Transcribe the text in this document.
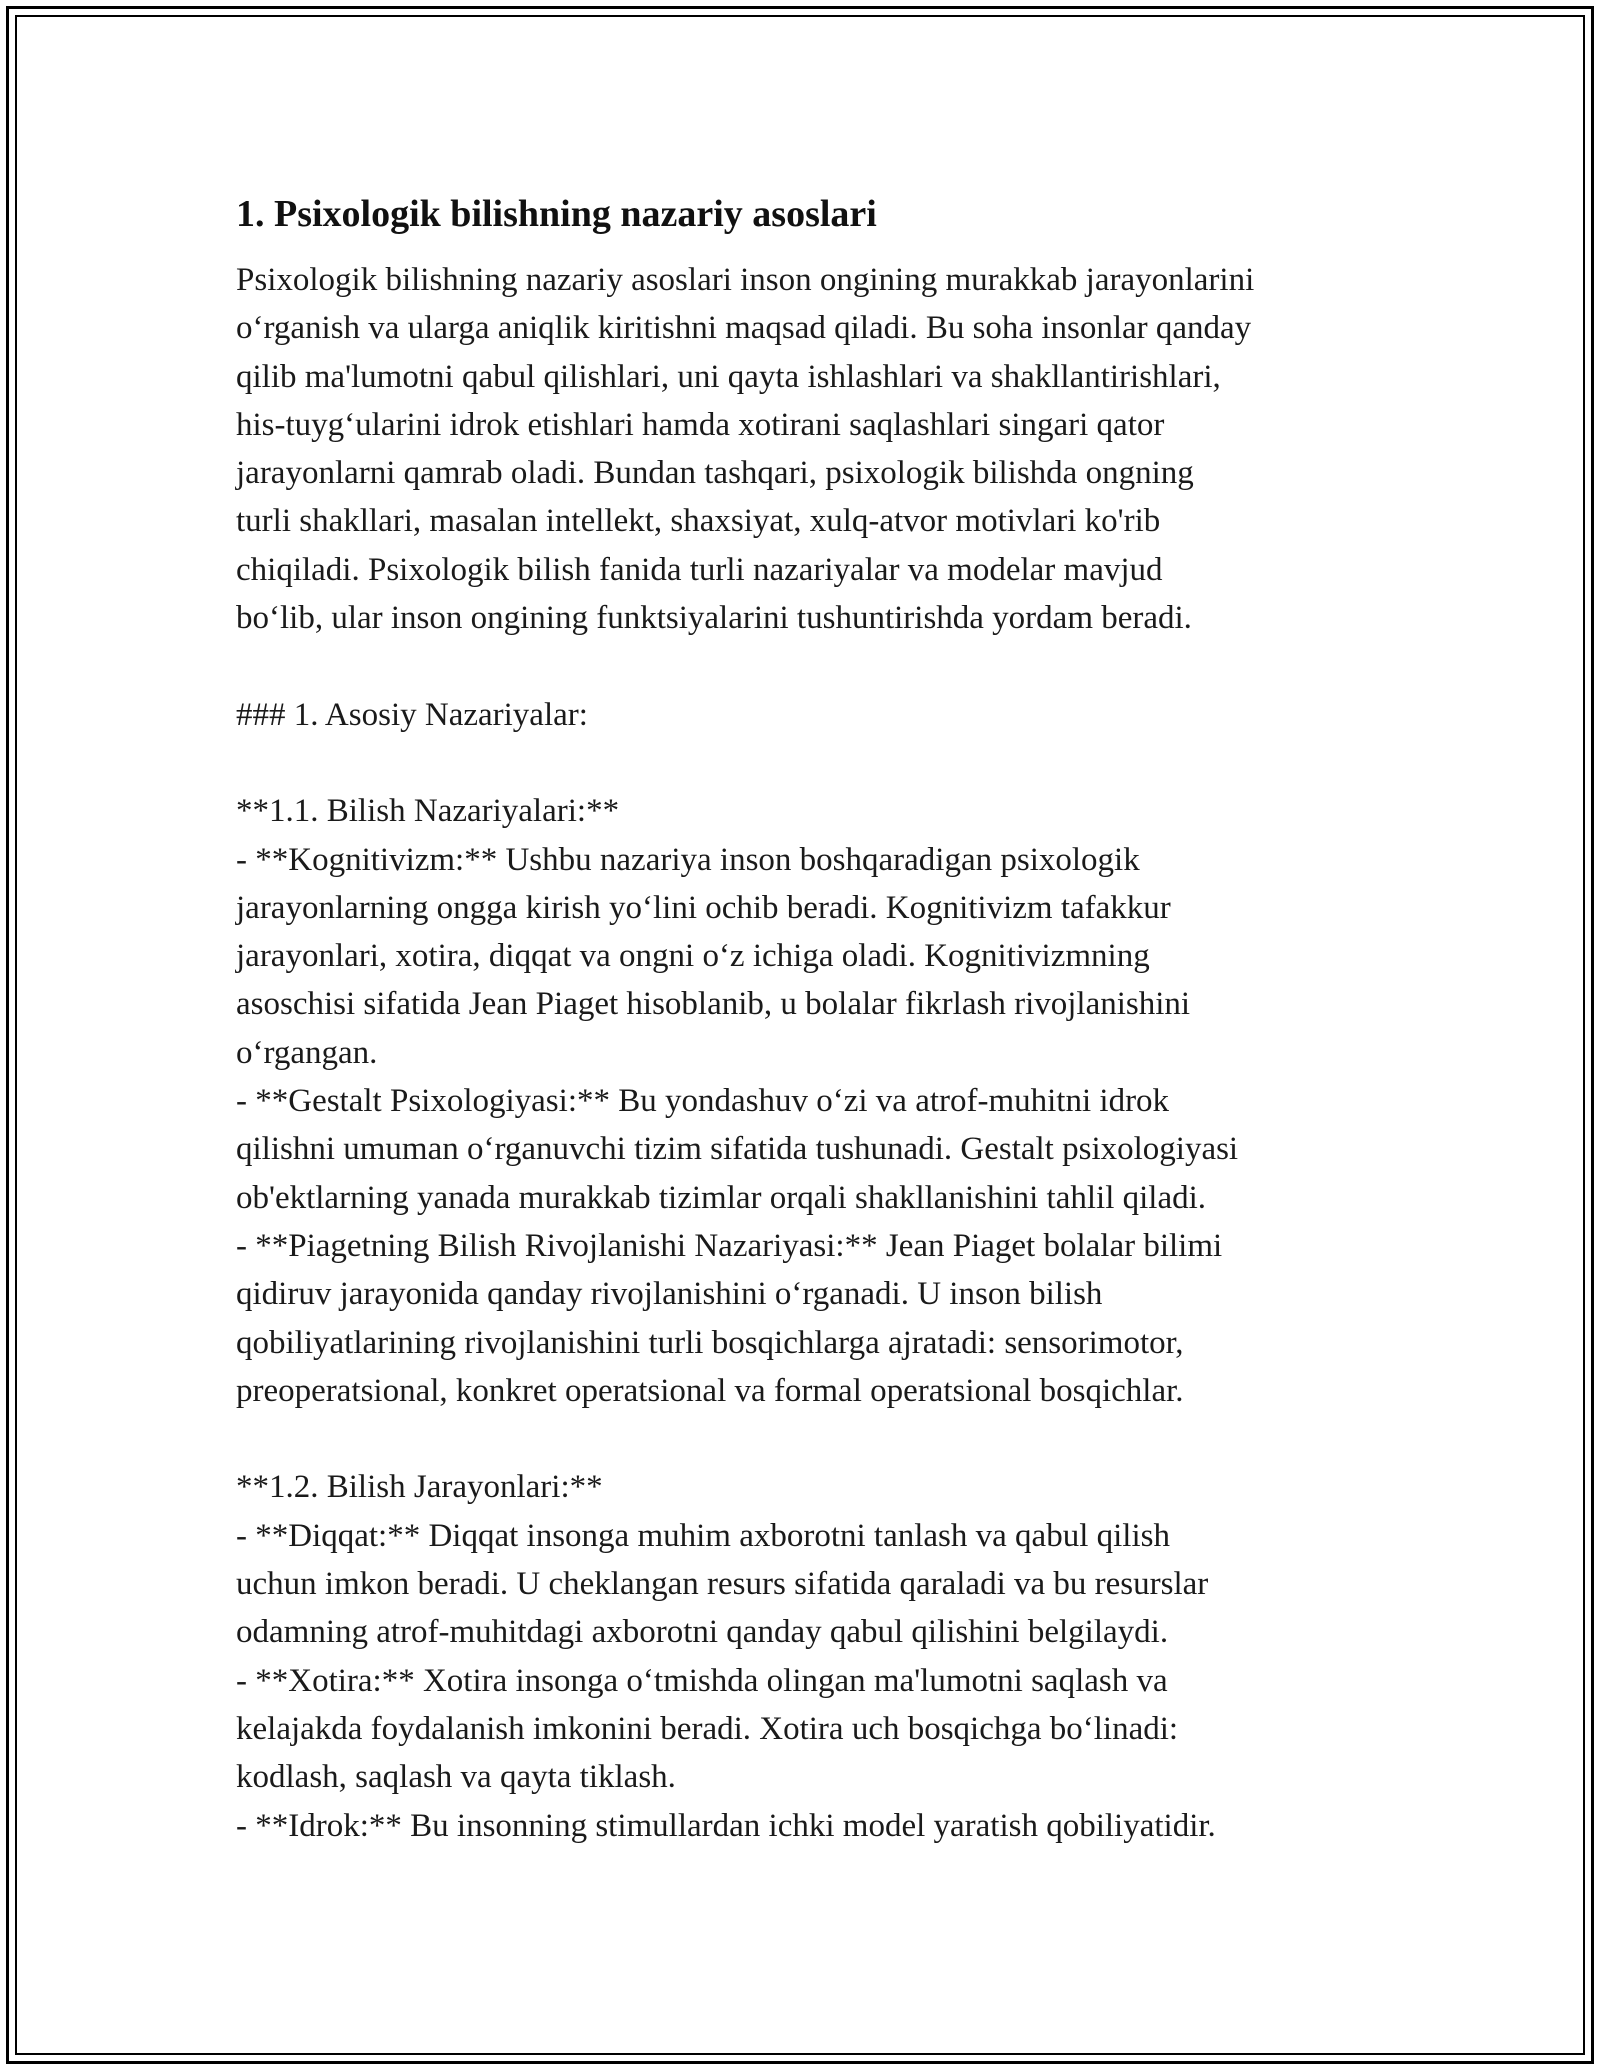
1. Psixologik bilishning nazariy asoslari
Psixologik bilishning nazariy asoslari inson ongining murakkab jarayonlarini
o‘rganish va ularga aniqlik kiritishni maqsad qiladi. Bu soha insonlar qanday
qilib ma'lumotni qabul qilishlari, uni qayta ishlashlari va shakllantirishlari,
his-tuyg‘ularini idrok etishlari hamda xotirani saqlashlari singari qator
jarayonlarni qamrab oladi. Bundan tashqari, psixologik bilishda ongning
turli shakllari, masalan intellekt, shaxsiyat, xulq-atvor motivlari ko'rib
chiqiladi. Psixologik bilish fanida turli nazariyalar va modelar mavjud
bo‘lib, ular inson ongining funktsiyalarini tushuntirishda yordam beradi.
### 1. Asosiy Nazariyalar:
**1.1. Bilish Nazariyalari:**
- **Kognitivizm:** Ushbu nazariya inson boshqaradigan psixologik
jarayonlarning ongga kirish yo‘lini ochib beradi. Kognitivizm tafakkur
jarayonlari, xotira, diqqat va ongni o‘z ichiga oladi. Kognitivizmning
asoschisi sifatida Jean Piaget hisoblanib, u bolalar fikrlash rivojlanishini
o‘rgangan.
- **Gestalt Psixologiyasi:** Bu yondashuv o‘zi va atrof-muhitni idrok
qilishni umuman o‘rganuvchi tizim sifatida tushunadi. Gestalt psixologiyasi
ob'ektlarning yanada murakkab tizimlar orqali shakllanishini tahlil qiladi.
- **Piagetning Bilish Rivojlanishi Nazariyasi:** Jean Piaget bolalar bilimi
qidiruv jarayonida qanday rivojlanishini o‘rganadi. U inson bilish
qobiliyatlarining rivojlanishini turli bosqichlarga ajratadi: sensorimotor,
preoperatsional, konkret operatsional va formal operatsional bosqichlar.
**1.2. Bilish Jarayonlari:**
- **Diqqat:** Diqqat insonga muhim axborotni tanlash va qabul qilish
uchun imkon beradi. U cheklangan resurs sifatida qaraladi va bu resurslar
odamning atrof-muhitdagi axborotni qanday qabul qilishini belgilaydi.
- **Xotira:** Xotira insonga o‘tmishda olingan ma'lumotni saqlash va
kelajakda foydalanish imkonini beradi. Xotira uch bosqichga bo‘linadi:
kodlash, saqlash va qayta tiklash.
- **Idrok:** Bu insonning stimullardan ichki model yaratish qobiliyatidir.
